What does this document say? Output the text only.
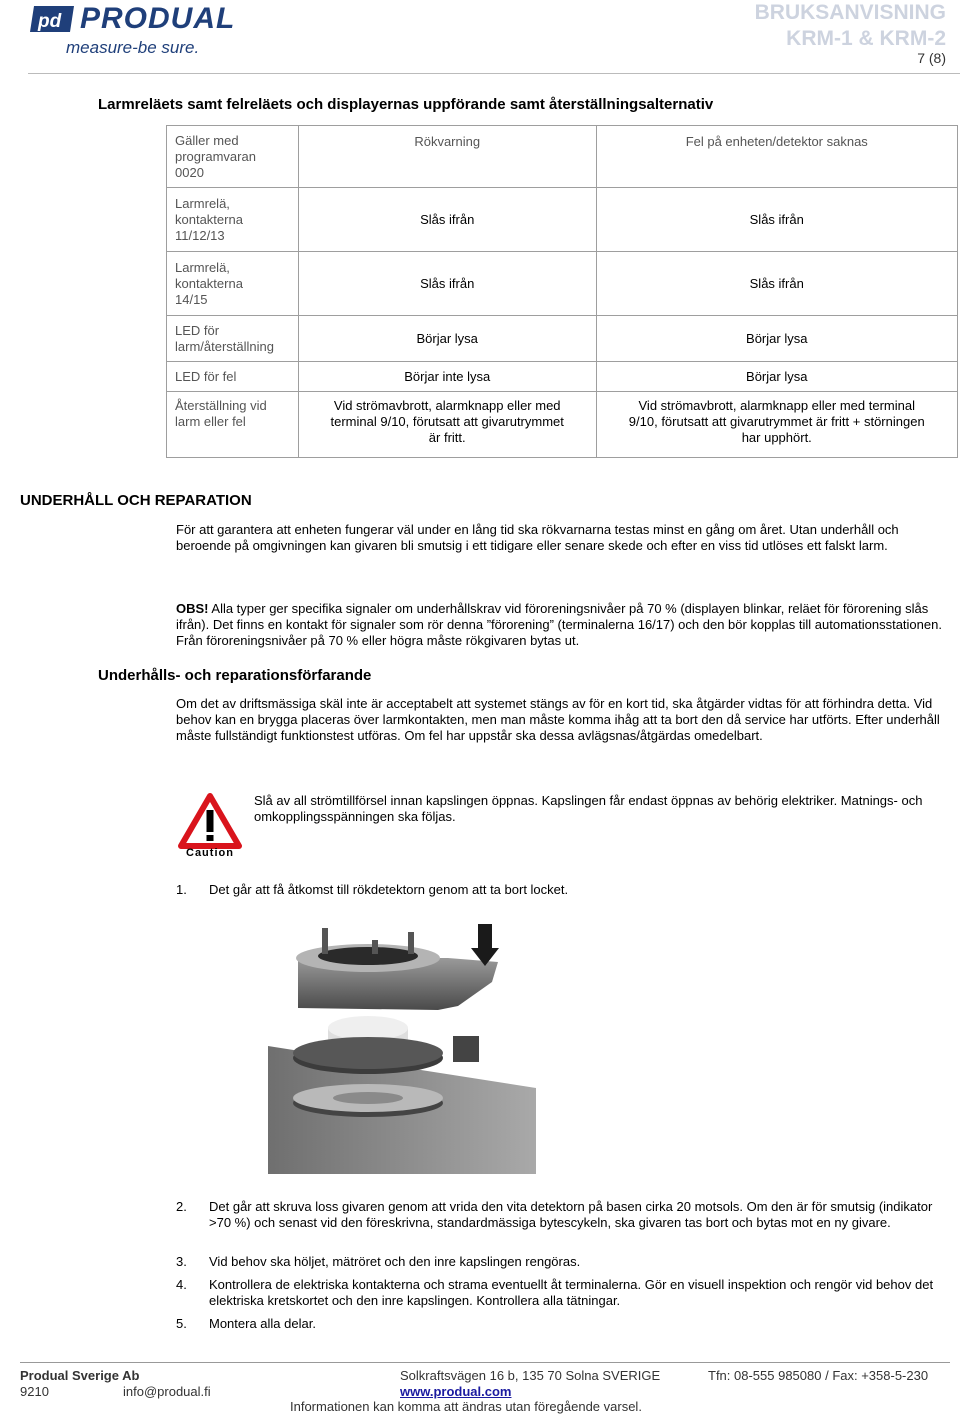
pd PRODUAL
measure-be sure.
BRUKSANVISNING
KRM-1 & KRM-2
7 (8)
Larmreläets samt felreläets och displayernas uppförande samt återställningsalternativ
Gäller med
programvaran
0020	Rökvarning	Fel på enheten/detektor saknas
Larmrelä,
kontakterna
11/12/13	Slås ifrån	Slås ifrån
Larmrelä,
kontakterna
14/15	Slås ifrån	Slås ifrån
LED för
larm/återställning	Börjar lysa	Börjar lysa
LED för fel	Börjar inte lysa	Börjar lysa
Återställning vid
larm eller fel	Vid strömavbrott, alarmknapp eller med
terminal 9/10, förutsatt att givarutrymmet
är fritt.	Vid strömavbrott, alarmknapp eller med terminal
9/10, förutsatt att givarutrymmet är fritt + störningen
har upphört.
UNDERHÅLL OCH REPARATION
För att garantera att enheten fungerar väl under en lång tid ska rökvarnarna testas minst en gång om året. Utan underhåll och beroende på omgivningen kan givaren bli smutsig i ett tidigare eller senare skede och efter en viss tid utlöses ett falskt larm.
OBS! Alla typer ger specifika signaler om underhållskrav vid föroreningsnivåer på 70 % (displayen blinkar, reläet för förorening slås ifrån). Det finns en kontakt för signaler som rör denna ”förorening” (terminalerna 16/17) och den bör kopplas till automationsstationen. Från föroreningsnivåer på 70 % eller högra måste rökgivaren bytas ut.
Underhålls- och reparationsförfarande
Om det av driftsmässiga skäl inte är acceptabelt att systemet stängs av för en kort tid, ska åtgärder vidtas för att förhindra detta. Vid behov kan en brygga placeras över larmkontakten, men man måste komma ihåg att ta bort den då service har utförts. Efter underhåll måste fullständigt funktionstest utföras. Om fel har uppstår ska dessa avlägsnas/åtgärdas omedelbart.
Caution
Slå av all strömtillförsel innan kapslingen öppnas. Kapslingen får endast öppnas av behörig elektriker. Matnings- och omkopplingsspänningen ska följas.
1.	Det går att få åtkomst till rökdetektorn genom att ta bort locket.
2.	Det går att skruva loss givaren genom att vrida den vita detektorn på basen cirka 20 motsols. Om den är för smutsig (indikator >70 %) och senast vid den föreskrivna, standardmässiga bytescykeln, ska givaren tas bort och bytas mot en ny givare.
3.	Vid behov ska höljet, mätröret och den inre kapslingen rengöras.
4.	Kontrollera de elektriska kontakterna och strama eventuellt åt terminalerna. Gör en visuell inspektion och rengör vid behov det elektriska kretskortet och den inre kapslingen. Kontrollera alla tätningar.
5.	Montera alla delar.
Produal Sverige Ab	Solkraftsvägen 16 b, 135 70 Solna SVERIGE	Tfn: 08-555 985080 / Fax: +358-5-230
9210	info@produal.fi	www.produal.com
Informationen kan komma att ändras utan föregående varsel.
